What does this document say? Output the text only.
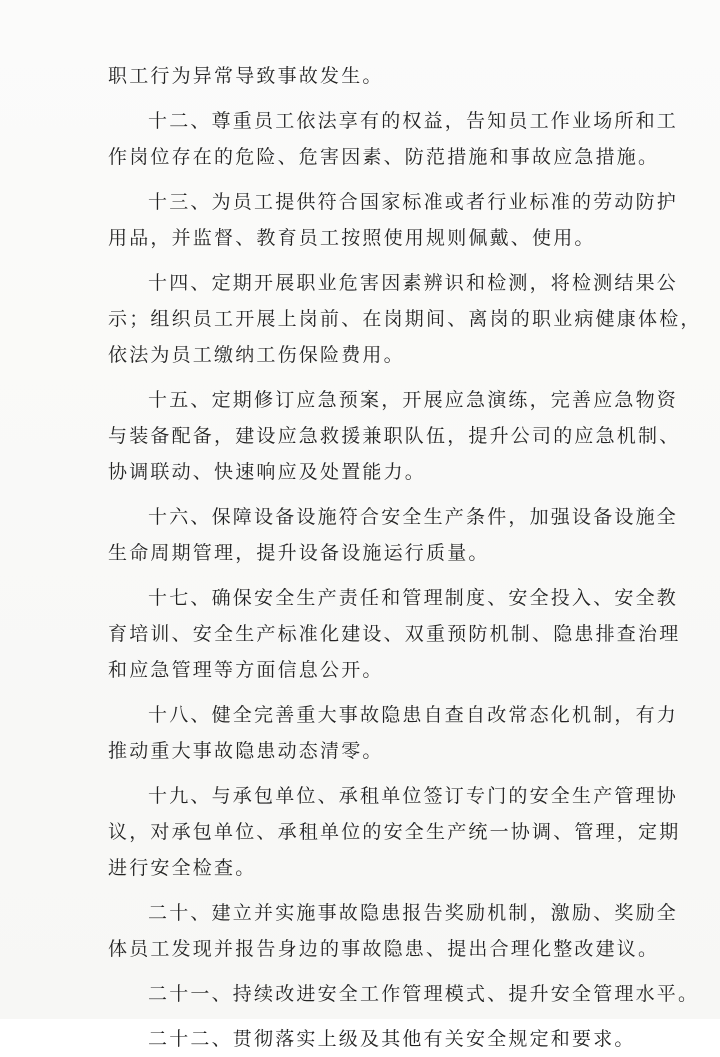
职工行为异常导致事故发生。
十二、尊重员工依法享有的权益，告知员工作业场所和工
作岗位存在的危险、危害因素、防范措施和事故应急措施。
十三、为员工提供符合国家标准或者行业标准的劳动防护
用品，并监督、教育员工按照使用规则佩戴、使用。
十四、定期开展职业危害因素辨识和检测，将检测结果公
示；组织员工开展上岗前、在岗期间、离岗的职业病健康体检，
依法为员工缴纳工伤保险费用。
十五、定期修订应急预案，开展应急演练，完善应急物资
与装备配备，建设应急救援兼职队伍，提升公司的应急机制、
协调联动、快速响应及处置能力。
十六、保障设备设施符合安全生产条件，加强设备设施全
生命周期管理，提升设备设施运行质量。
十七、确保安全生产责任和管理制度、安全投入、安全教
育培训、安全生产标准化建设、双重预防机制、隐患排查治理
和应急管理等方面信息公开。
十八、健全完善重大事故隐患自查自改常态化机制，有力
推动重大事故隐患动态清零。
十九、与承包单位、承租单位签订专门的安全生产管理协
议，对承包单位、承租单位的安全生产统一协调、管理，定期
进行安全检查。
二十、建立并实施事故隐患报告奖励机制，激励、奖励全
体员工发现并报告身边的事故隐患、提出合理化整改建议。
二十一、持续改进安全工作管理模式、提升安全管理水平。
二十二、贯彻落实上级及其他有关安全规定和要求。
